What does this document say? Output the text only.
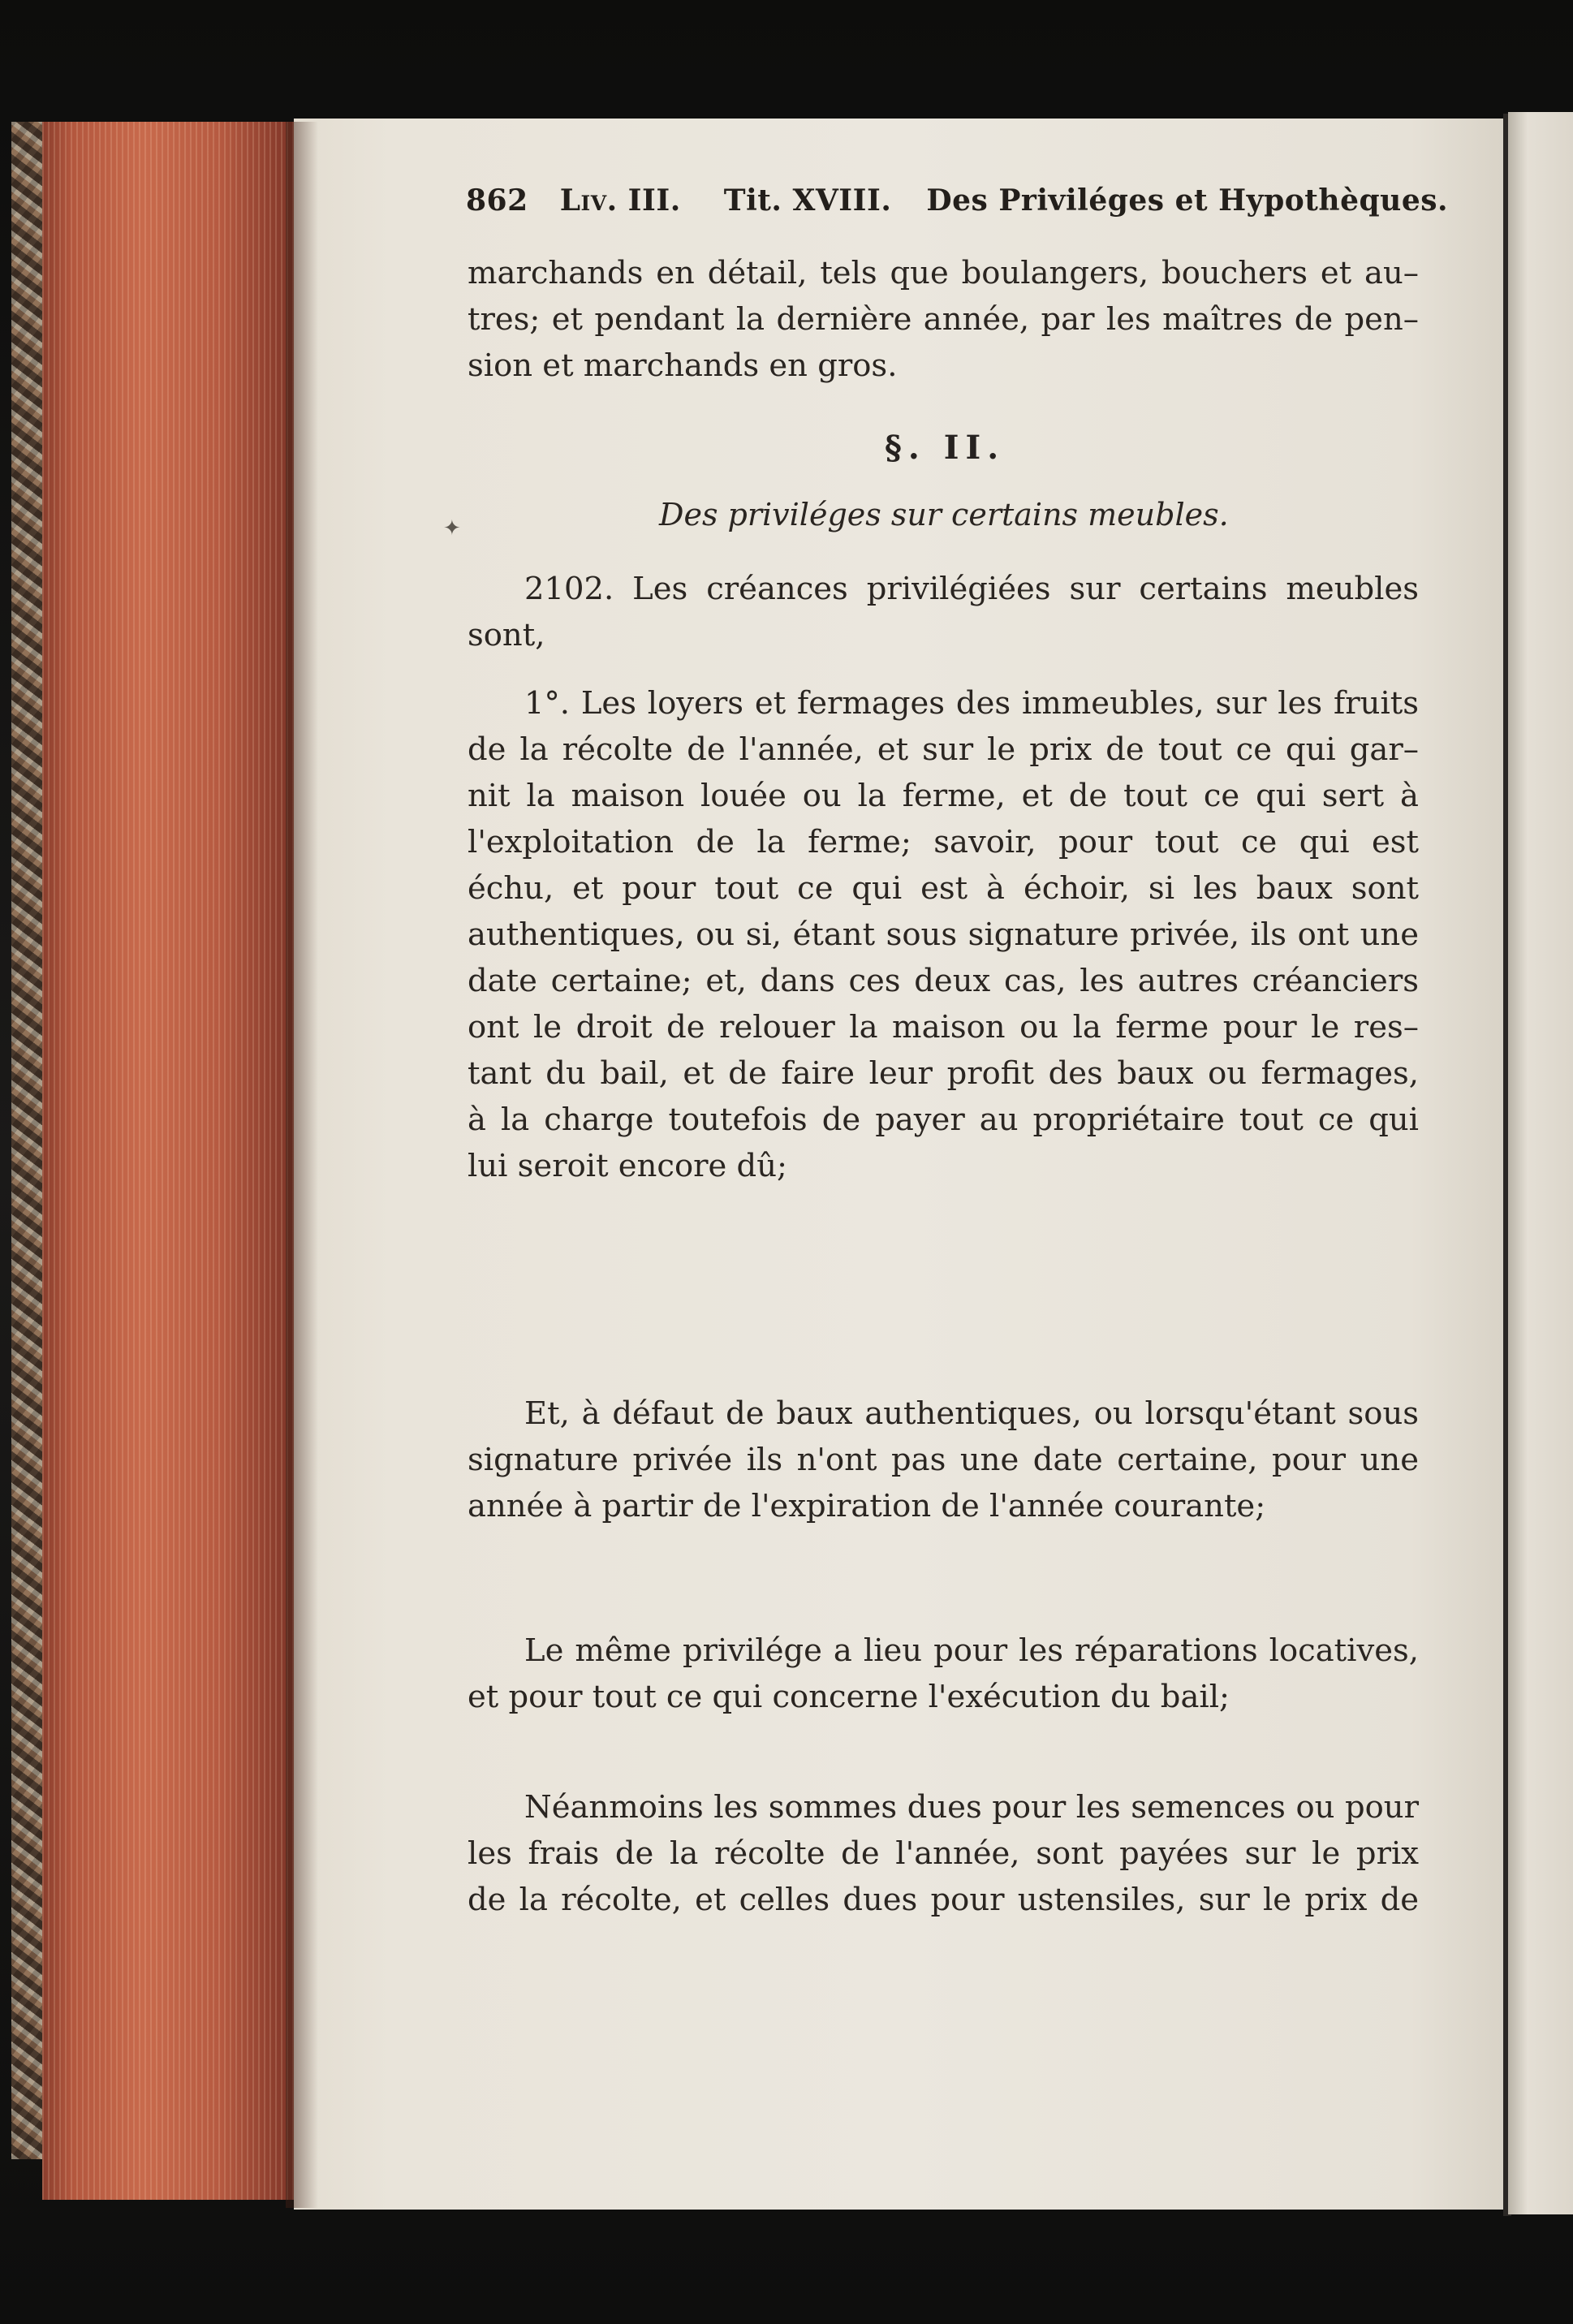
862 Liv. III. Tit. XVIII. Des Priviléges et Hypothèques.
marchands en détail, tels que boulangers, bouchers et au–
tres; et pendant la dernière année, par les maîtres de pen–
sion et marchands en gros.
§. II.
Des priviléges sur certains meubles.
✦
2102. Les créances privilégiées sur certains meubles
sont,
1°. Les loyers et fermages des immeubles, sur les fruits
de la récolte de l'année, et sur le prix de tout ce qui gar–
nit la maison louée ou la ferme, et de tout ce qui sert à
l'exploitation de la ferme; savoir, pour tout ce qui est
échu, et pour tout ce qui est à échoir, si les baux sont
authentiques, ou si, étant sous signature privée, ils ont une
date certaine; et, dans ces deux cas, les autres créanciers
ont le droit de relouer la maison ou la ferme pour le res–
tant du bail, et de faire leur profit des baux ou fermages,
à la charge toutefois de payer au propriétaire tout ce qui
lui seroit encore dû;
Et, à défaut de baux authentiques, ou lorsqu'étant sous
signature privée ils n'ont pas une date certaine, pour une
année à partir de l'expiration de l'année courante;
Le même privilége a lieu pour les réparations locatives,
et pour tout ce qui concerne l'exécution du bail;
Néanmoins les sommes dues pour les semences ou pour
les frais de la récolte de l'année, sont payées sur le prix
de la récolte, et celles dues pour ustensiles, sur le prix de
